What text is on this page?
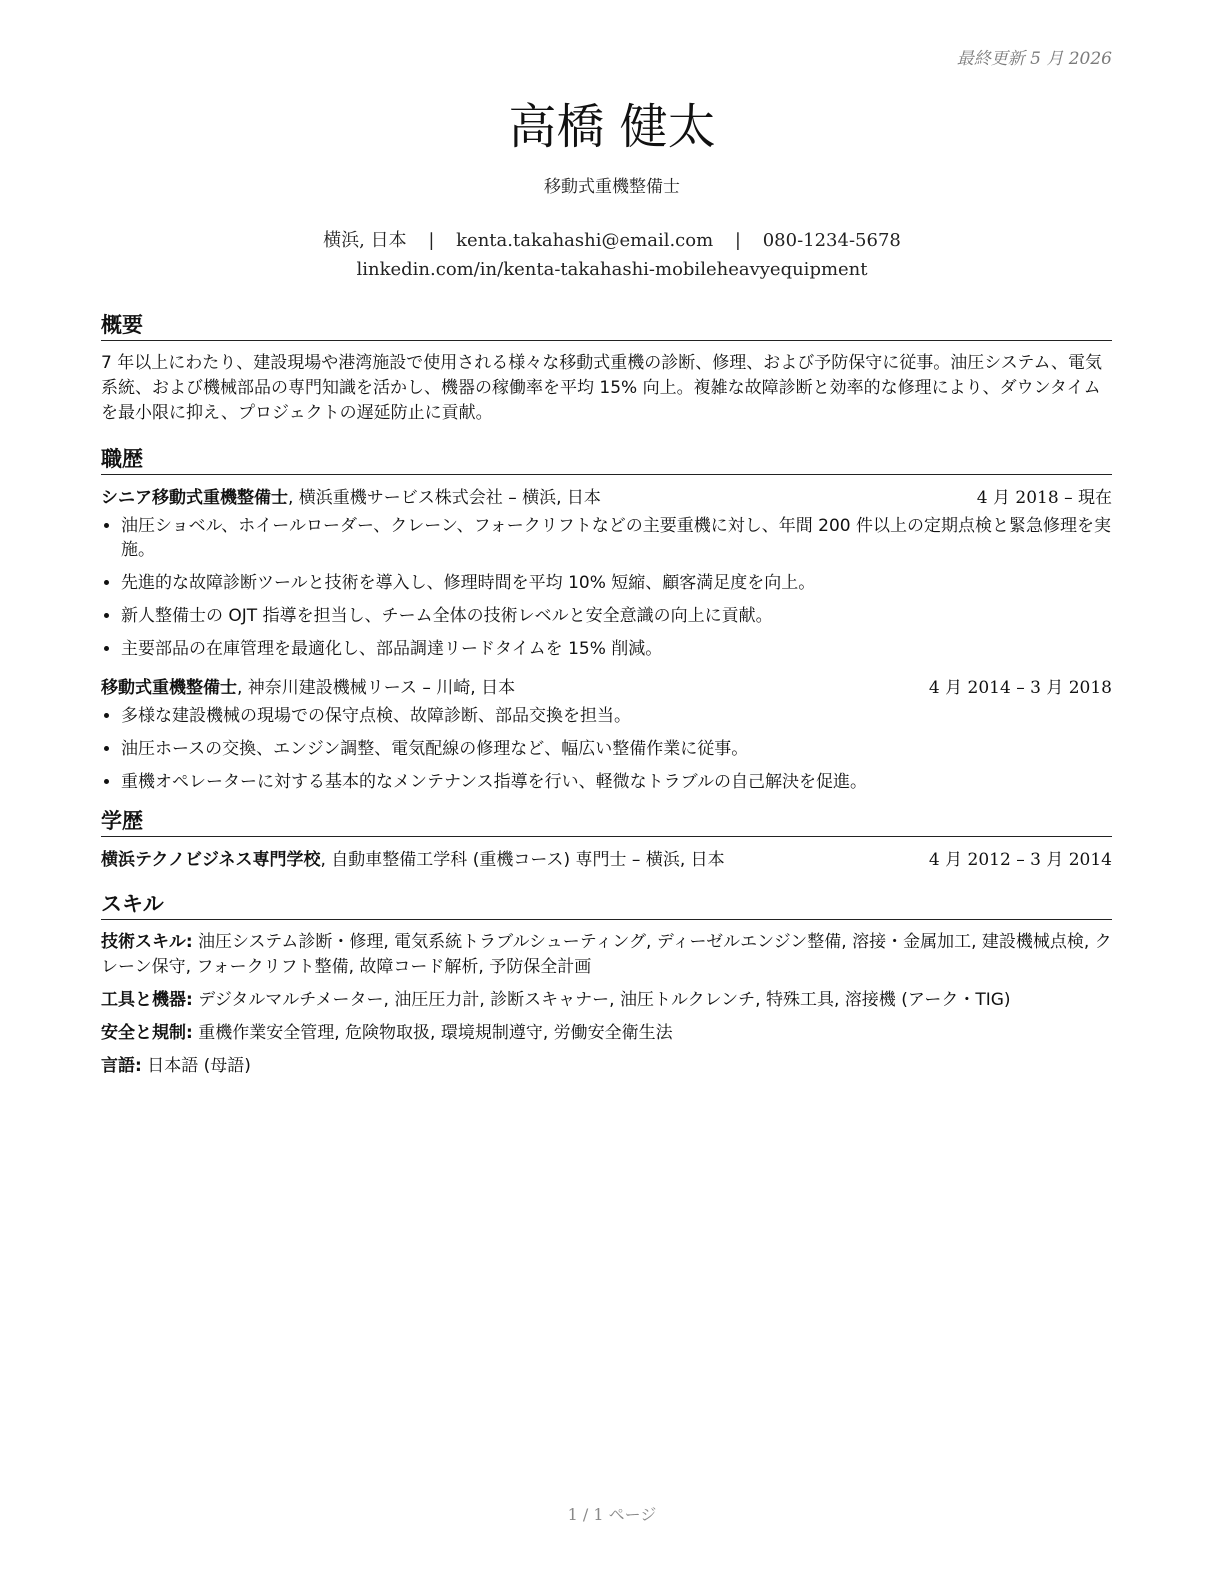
最終更新 5 月 2026
高橋 健太
移動式重機整備士
横浜, 日本 | kenta.takahashi@email.com | 080-1234-5678
linkedin.com/in/kenta-takahashi-mobileheavyequipment
概要
7 年以上にわたり、建設現場や港湾施設で使用される様々な移動式重機の診断、修理、および予防保守に従事。油圧システム、電気系統、および機械部品の専門知識を活かし、機器の稼働率を平均 15% 向上。複雑な故障診断と効率的な修理により、ダウンタイムを最小限に抑え、プロジェクトの遅延防止に貢献。
職歴
シニア移動式重機整備士, 横浜重機サービス株式会社 – 横浜, 日本	4 月 2018 – 現在
• 油圧ショベル、ホイールローダー、クレーン、フォークリフトなどの主要重機に対し、年間 200 件以上の定期点検と緊急修理を実施。
• 先進的な故障診断ツールと技術を導入し、修理時間を平均 10% 短縮、顧客満足度を向上。
• 新人整備士の OJT 指導を担当し、チーム全体の技術レベルと安全意識の向上に貢献。
• 主要部品の在庫管理を最適化し、部品調達リードタイムを 15% 削減。
移動式重機整備士, 神奈川建設機械リース – 川崎, 日本	4 月 2014 – 3 月 2018
• 多様な建設機械の現場での保守点検、故障診断、部品交換を担当。
• 油圧ホースの交換、エンジン調整、電気配線の修理など、幅広い整備作業に従事。
• 重機オペレーターに対する基本的なメンテナンス指導を行い、軽微なトラブルの自己解決を促進。
学歴
横浜テクノビジネス専門学校, 自動車整備工学科 (重機コース) 専門士 – 横浜, 日本	4 月 2012 – 3 月 2014
スキル
技術スキル: 油圧システム診断・修理, 電気系統トラブルシューティング, ディーゼルエンジン整備, 溶接・金属加工, 建設機械点検, クレーン保守, フォークリフト整備, 故障コード解析, 予防保全計画
工具と機器: デジタルマルチメーター, 油圧圧力計, 診断スキャナー, 油圧トルクレンチ, 特殊工具, 溶接機 (アーク・TIG)
安全と規制: 重機作業安全管理, 危険物取扱, 環境規制遵守, 労働安全衛生法
言語: 日本語 (母語)
1 / 1 ページ
